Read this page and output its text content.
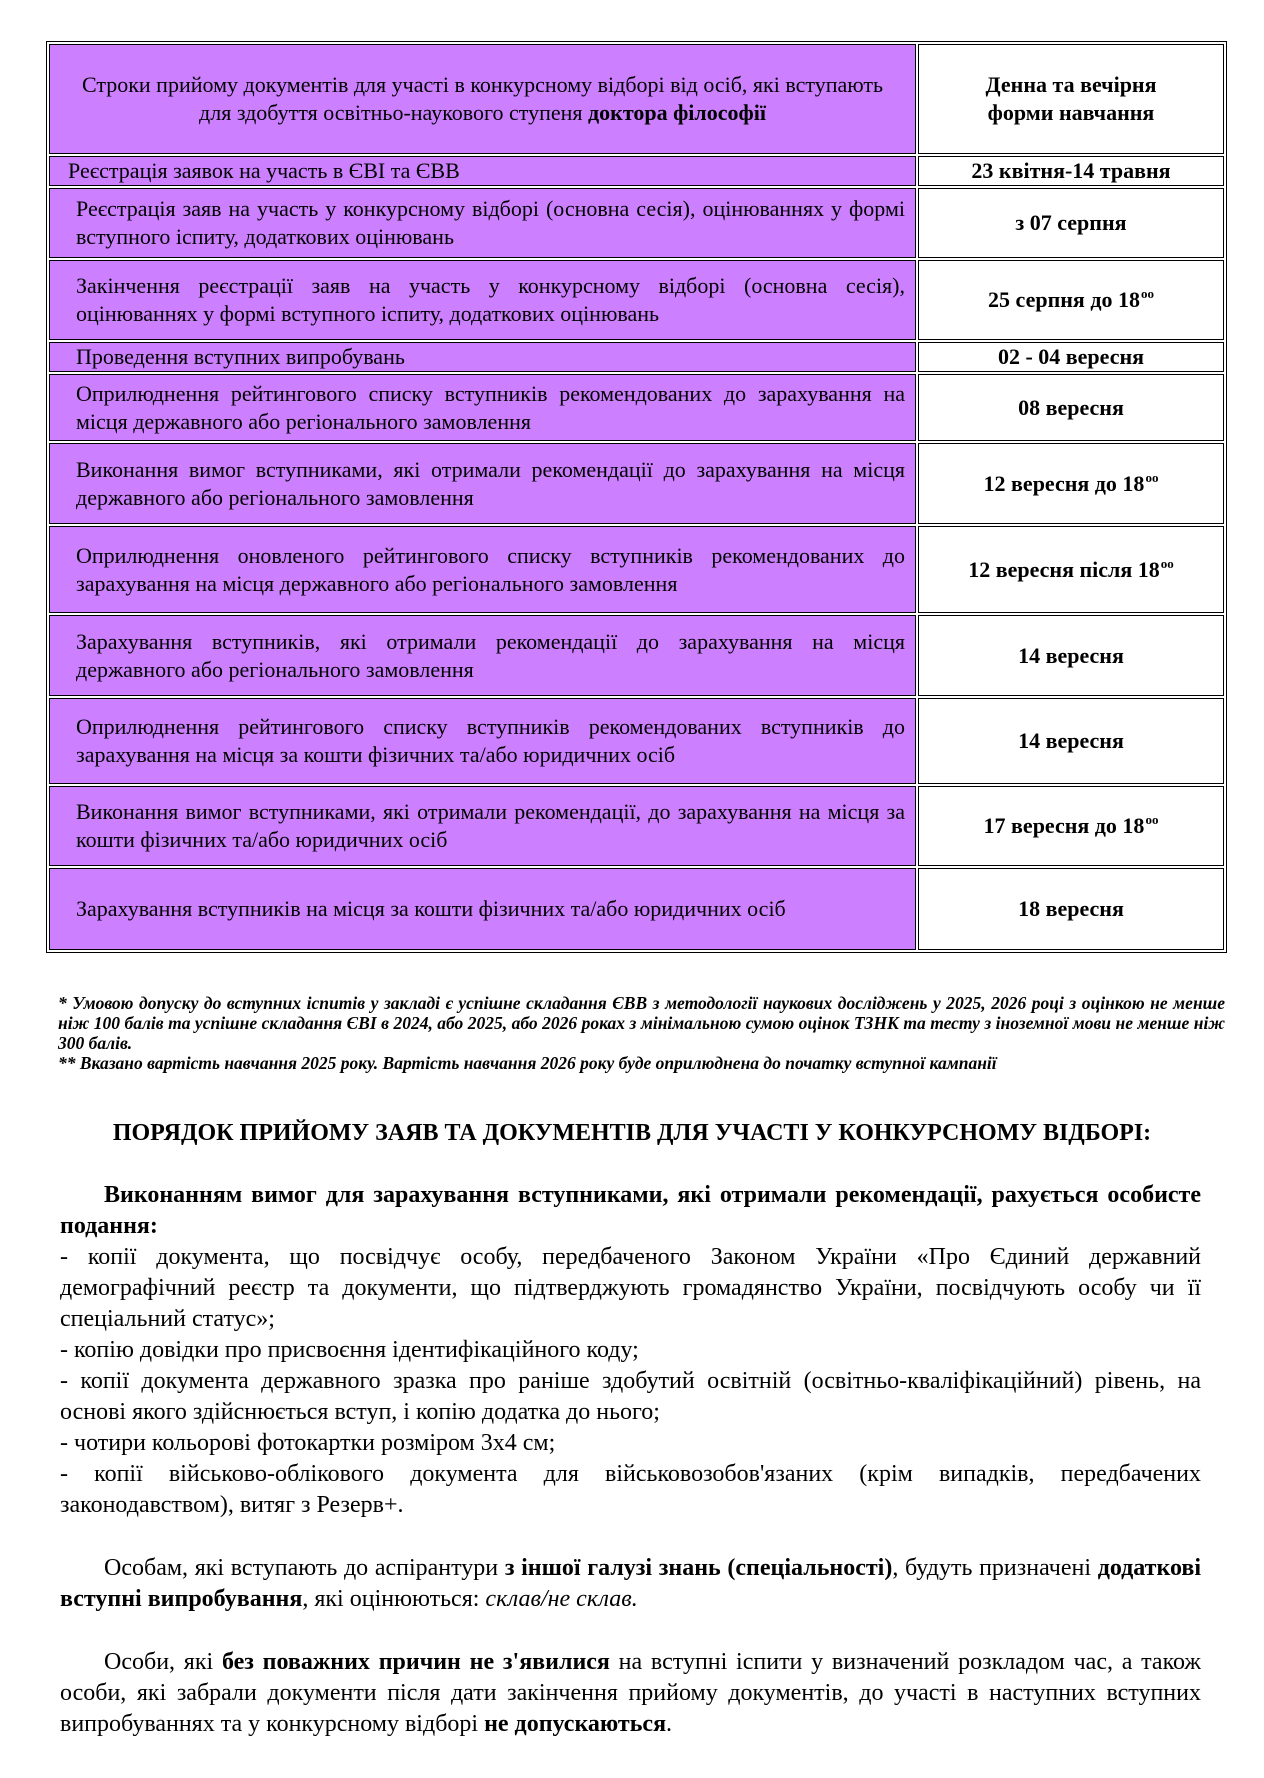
Строки прийому документів для участі в конкурсному відборі від осіб, які вступають для здобуття освітньо-наукового ступеня доктора філософії	Денна та вечірня
форми навчання
Реєстрація заявок на участь в ЄВІ та ЄВВ	23 квітня-14 травня
Реєстрація заяв на участь у конкурсному відборі (основна сесія), оцінюваннях у формі вступного іспиту, додаткових оцінювань	з 07 серпня
Закінчення реєстрації заяв на участь у конкурсному відборі (основна сесія), оцінюваннях у формі вступного іспиту, додаткових оцінювань	25 серпня до $18^{оо}$
Проведення вступних випробувань	02 - 04 вересня
Оприлюднення рейтингового списку вступників рекомендованих до зарахування на місця державного або регіонального замовлення	08 вересня
Виконання вимог вступниками, які отримали рекомендації до зарахування на місця державного або регіонального замовлення	12 вересня до $18^{оо}$
Оприлюднення оновленого рейтингового списку вступників рекомендованих до зарахування на місця державного або регіонального замовлення	12 вересня після $18^{оо}$
Зарахування вступників, які отримали рекомендації до зарахування на місця державного або регіонального замовлення	14 вересня
Оприлюднення рейтингового списку вступників рекомендованих вступників до зарахування на місця за кошти фізичних та/або юридичних осіб	14 вересня
Виконання вимог вступниками, які отримали рекомендації, до зарахування на місця за кошти фізичних та/або юридичних осіб	17 вересня до $18^{оо}$
Зарахування вступників на місця за кошти фізичних та/або юридичних осіб	18 вересня

* Умовою допуску до вступних іспитів у закладі є успішне складання ЄВВ з методології наукових досліджень у 2025, 2026 році з оцінкою не менше ніж 100 балів та успішне складання ЄВІ в 2024, або 2025, або 2026 роках з мінімальною сумою оцінок ТЗНК та тесту з іноземної мови не менше ніж 300 балів.

** Вказано вартість навчання 2025 року. Вартість навчання 2026 року буде оприлюднена до початку вступної кампанії

ПОРЯДОК ПРИЙОМУ ЗАЯВ ТА ДОКУМЕНТІВ ДЛЯ УЧАСТІ У КОНКУРСНОМУ ВІДБОРІ:

Виконанням вимог для зарахування вступниками, які отримали рекомендації, рахується особисте подання:

- копії документа, що посвідчує особу, передбаченого Законом України «Про Єдиний державний демографічний реєстр та документи, що підтверджують громадянство України, посвідчують особу чи її спеціальний статус»;

- копію довідки про присвоєння ідентифікаційного коду;

- копії документа державного зразка про раніше здобутий освітній (освітньо-кваліфікаційний) рівень, на основі якого здійснюється вступ, і копію додатка до нього;

- чотири кольорові фотокартки розміром 3х4 см;

- копії військово-облікового документа для військовозобов'язаних (крім випадків, передбачених законодавством), витяг з Резерв+.

Особам, які вступають до аспірантури з іншої галузі знань (спеціальності), будуть призначені додаткові вступні випробування, які оцінюються: склав/не склав.

Особи, які без поважних причин не з'явилися на вступні іспити у визначений розкладом час, а також особи, які забрали документи після дати закінчення прийому документів, до участі в наступних вступних випробуваннях та у конкурсному відборі не допускаються.
